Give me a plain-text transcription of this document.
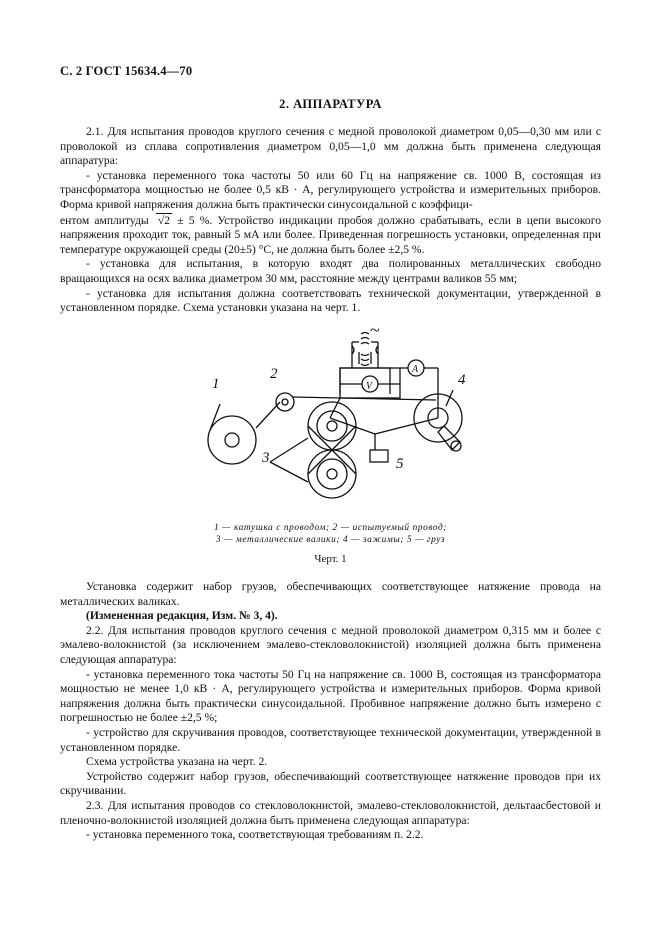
С. 2 ГОСТ 15634.4—70
2. АППАРАТУРА

2.1. Для испытания проводов круглого сечения с медной проволокой диаметром 0,05—0,30 мм или с проволокой из сплава сопротивления диаметром 0,05—1,0 мм должна быть применена следующая аппаратура:

- установка переменного тока частоты 50 или 60 Гц на напряжение св. 1000 В, состоящая из трансформатора мощностью не более 0,5 кВ · А, регулирующего устройства и измерительных приборов. Форма кривой напряжения должна быть практически синусоидальной с коэффици-

ентом амплитуды √2 ± 5 %. Устройство индикации пробоя должно срабатывать, если в цепи высокого напряжения проходит ток, равный 5 мА или более. Приведенная погрешность установки, определенная при температуре окружающей среды (20±5) °С, не должна быть более ±2,5 %.

- установка для испытания, в которую входят два полированных металлических свободно вращающихся на осях валика диаметром 30 мм, расстояние между центрами валиков 55 мм;

- установка для испытания должна соответствовать технической документации, утвержденной в установленном порядке. Схема установки указана на черт. 1.

~
V
A
1
2
3
4
5
1 — катушка с проводом; 2 — испытуемый провод;
3 — металлические валики; 4 — зажимы; 5 — груз
Черт. 1

Установка содержит набор грузов, обеспечивающих соответствующее натяжение провода на металлических валиках.

(Измененная редакция, Изм. № 3, 4).

2.2. Для испытания проводов круглого сечения с медной проволокой диаметром 0,315 мм и более с эмалево-волокнистой (за исключением эмалево-стекловолокнистой) изоляцией должна быть применена следующая аппаратура:

- установка переменного тока частоты 50 Гц на напряжение св. 1000 В, состоящая из трансформатора мощностью не менее 1,0 кВ · А, регулирующего устройства и измерительных приборов. Форма кривой напряжения должна быть практически синусоидальной. Пробивное напряжение должно быть измерено с погрешностью не более ±2,5 %;

- устройство для скручивания проводов, соответствующее технической документации, утвержденной в установленном порядке.

Схема устройства указана на черт. 2.

Устройство содержит набор грузов, обеспечивающий соответствующее натяжение проводов при их скручивании.

2.3. Для испытания проводов со стекловолокнистой, эмалево-стекловолокнистой, дельтаасбестовой и пленочно-волокнистой изоляцией должна быть применена следующая аппаратура:

- установка переменного тока, соответствующая требованиям п. 2.2.
